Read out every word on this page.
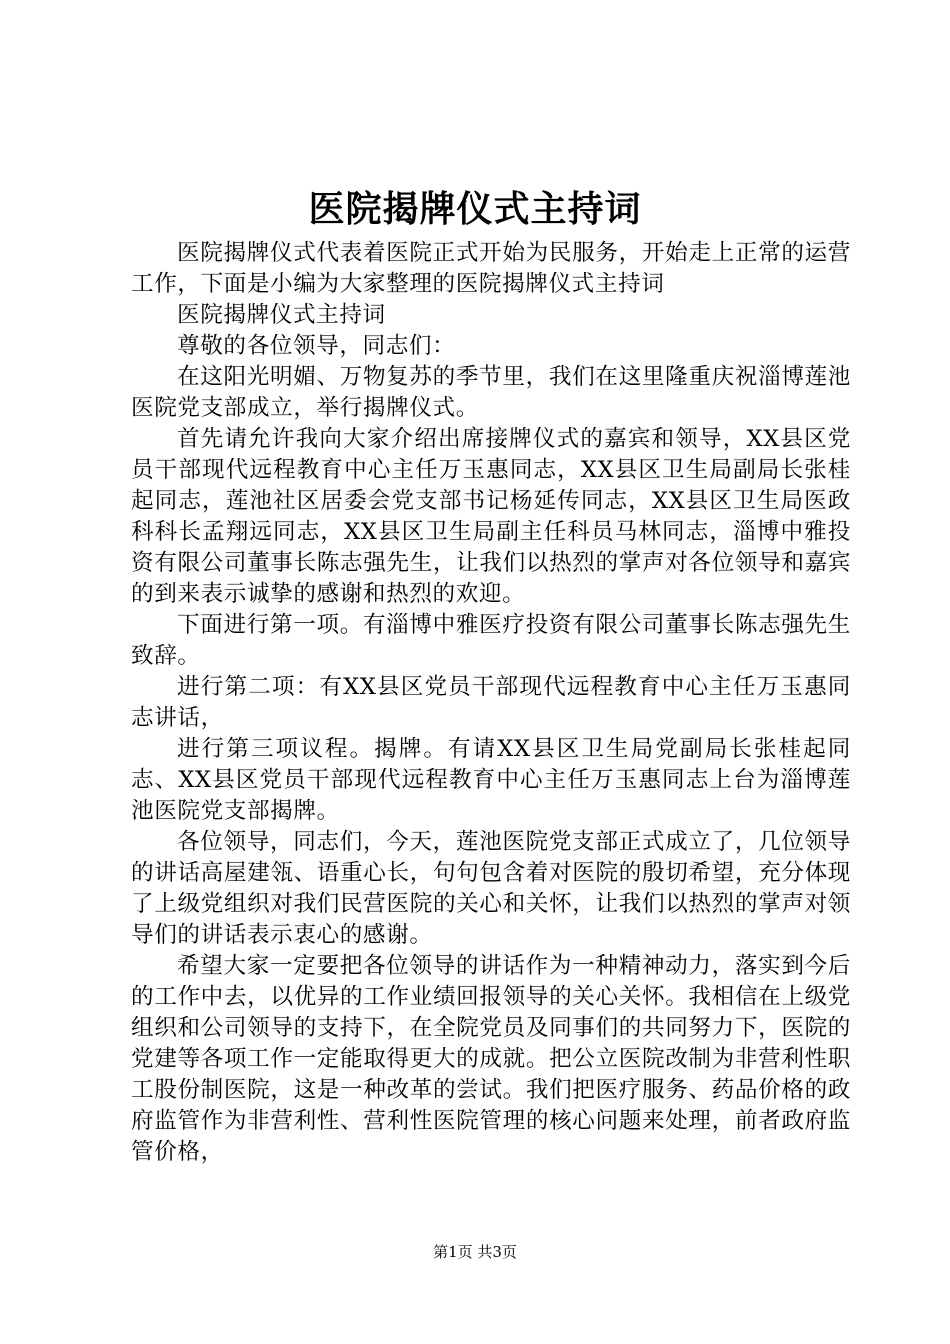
医院揭牌仪式主持词

医院揭牌仪式代表着医院正式开始为民服务，开始走上正常的运营工作，下面是小编为大家整理的医院揭牌仪式主持词

医院揭牌仪式主持词

尊敬的各位领导，同志们：

在这阳光明媚、万物复苏的季节里，我们在这里隆重庆祝淄博莲池医院党支部成立，举行揭牌仪式。

首先请允许我向大家介绍出席接牌仪式的嘉宾和领导，XX县区党员干部现代远程教育中心主任万玉惠同志，XX县区卫生局副局长张桂起同志，莲池社区居委会党支部书记杨延传同志，XX县区卫生局医政科科长孟翔远同志，XX县区卫生局副主任科员马林同志，淄博中雅投资有限公司董事长陈志强先生，让我们以热烈的掌声对各位领导和嘉宾的到来表示诚挚的感谢和热烈的欢迎。

下面进行第一项。有淄博中雅医疗投资有限公司董事长陈志强先生致辞。

进行第二项：有XX县区党员干部现代远程教育中心主任万玉惠同志讲话，

进行第三项议程。揭牌。有请XX县区卫生局党副局长张桂起同志、XX县区党员干部现代远程教育中心主任万玉惠同志上台为淄博莲池医院党支部揭牌。

各位领导，同志们，今天，莲池医院党支部正式成立了，几位领导的讲话高屋建瓴、语重心长，句句包含着对医院的殷切希望，充分体现了上级党组织对我们民营医院的关心和关怀，让我们以热烈的掌声对领导们的讲话表示衷心的感谢。

希望大家一定要把各位领导的讲话作为一种精神动力，落实到今后的工作中去，以优异的工作业绩回报领导的关心关怀。我相信在上级党组织和公司领导的支持下，在全院党员及同事们的共同努力下，医院的党建等各项工作一定能取得更大的成就。把公立医院改制为非营利性职工股份制医院，这是一种改革的尝试。我们把医疗服务、药品价格的政府监管作为非营利性、营利性医院管理的核心问题来处理，前者政府监管价格，

第1页 共3页
